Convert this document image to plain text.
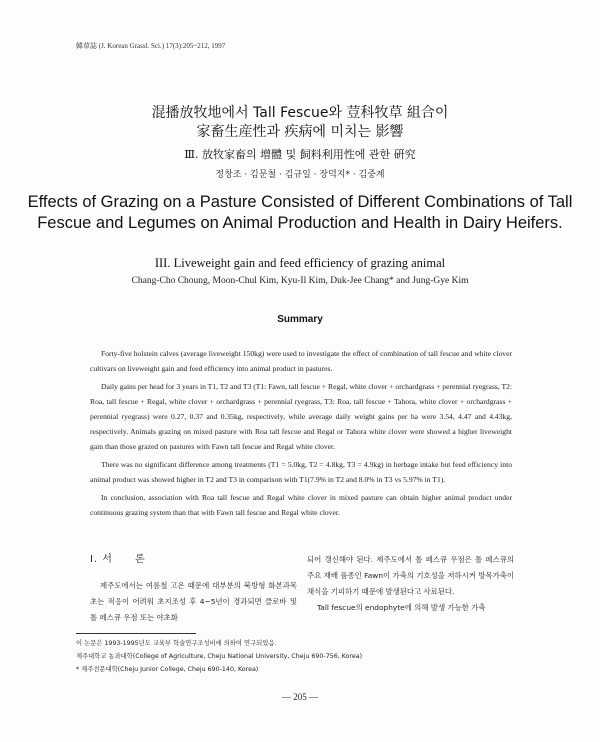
韓草誌 (J. Korean Grassl. Sci.) 17(3):205~212, 1997
混播放牧地에서 Tall Fescue와 荳科牧草 組合이
家畜生産性과 疾病에 미치는 影響
Ⅲ. 放牧家畜의 增體 및 飼料利用性에 관한 硏究
정창조 · 김문철 · 김규일 · 장덕지* · 김중계
Effects of Grazing on a Pasture Consisted of Different Combinations of Tall Fescue and Legumes on Animal Production and Health in Dairy Heifers.
III. Liveweight gain and feed efficiency of grazing animal
Chang-Cho Choung, Moon-Chul Kim, Kyu-Il Kim, Duk-Jee Chang* and Jung-Gye Kim
Summary

Forty-five holstein calves (average liveweight 150kg) were used to investigate the effect of combination of tall fescue and white clover cultivars on liveweight gain and feed efficiency into animal product in pastures.

Daily gains per head for 3 years in T1, T2 and T3 (T1: Fawn, tall fescue + Regal, white clover + orchardgrass + perennial ryegrass, T2: Roa, tall fescue + Regal, white clover + orchardgrass + perennial ryegrass, T3: Roa, tall fescue + Tahora, white clover + orchardgrass + perennial ryegrass) were 0.27, 0.37 and 0.35kg, respectively, while average daily weight gains per ha were 3.54, 4.47 and 4.43kg, respectively. Animals grazing on mixed pasture with Roa tall fescue and Regal or Tahora white clover were showed a higher liveweight gain than those grazed on pastures with Fawn tall fescue and Regal white clover.

There was no significant difference among treatments (T1 = 5.0kg, T2 = 4.8kg, T3 = 4.9kg) in herbage intake but feed efficiency into animal product was showed higher in T2 and T3 in comparison with T1(7.9% in T2 and 8.0% in T3 vs 5.97% in T1).

In conclusion, association with Roa tall fescue and Regal white clover in mixed pasture can obtain higher animal product under continuous grazing system than that with Fawn tall fescue and Regal white clover.

Ⅰ. 서　　론

제주도에서는 여름철 고온 때문에 대부분의 북방형 화본과목초는 적응이 어려워 초지조성 후 4~5년이 경과되면 클로바 및 톨 페스큐 우점 또는 야초화

되어 갱신해야 된다. 제주도에서 톨 페스큐 우점은 톨 페스큐의 주요 재배 품종인 Fawn이 가축의 기호성을 저하시켜 방목가축이 채식을 기피하기 때문에 발생된다고 사료된다.

Tall fescue의 endophyte에 의해 발생 가능한 가축

이 논문은 1993-1995년도 교육부 학술연구조성비에 의하여 연구되었음.
제주대학교 농과대학(College of Agriculture, Cheju National University, Cheju 690-756, Korea)
* 제주전문대학(Cheju Junior College, Cheju 690-140, Korea)
— 205 —
